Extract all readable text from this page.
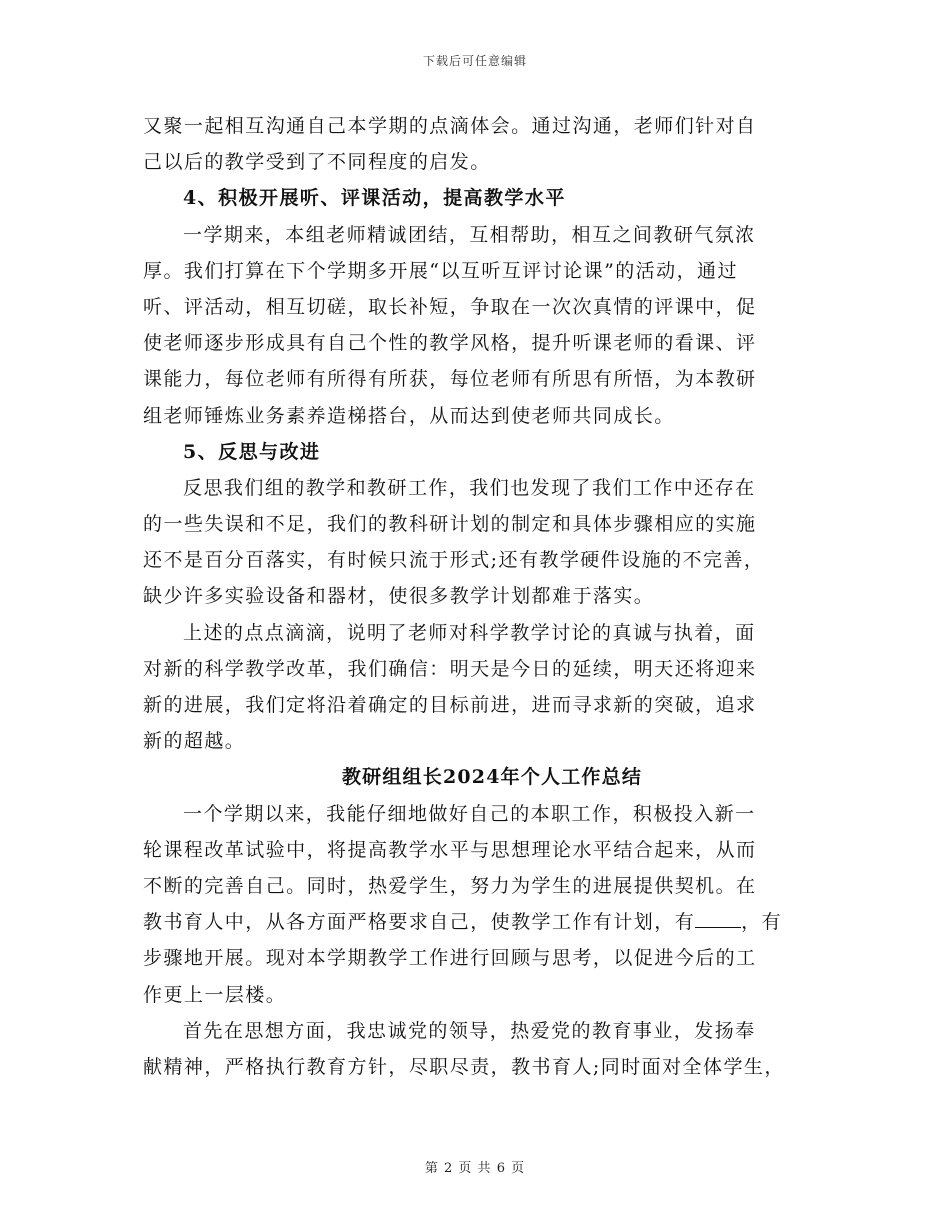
下载后可任意编辑
又聚一起相互沟通自己本学期的点滴体会。通过沟通，老师们针对自
己以后的教学受到了不同程度的启发。
4、积极开展听、评课活动，提高教学水平
一学期来，本组老师精诚团结，互相帮助，相互之间教研气氛浓
厚。我们打算在下个学期多开展“以互听互评讨论课”的活动，通过
听、评活动，相互切磋，取长补短，争取在一次次真情的评课中，促
使老师逐步形成具有自己个性的教学风格，提升听课老师的看课、评
课能力，每位老师有所得有所获，每位老师有所思有所悟，为本教研
组老师锤炼业务素养造梯搭台，从而达到使老师共同成长。
5、反思与改进
反思我们组的教学和教研工作，我们也发现了我们工作中还存在
的一些失误和不足，我们的教科研计划的制定和具体步骤相应的实施
还不是百分百落实，有时候只流于形式;还有教学硬件设施的不完善，
缺少许多实验设备和器材，使很多教学计划都难于落实。
上述的点点滴滴，说明了老师对科学教学讨论的真诚与执着，面
对新的科学教学改革，我们确信：明天是今日的延续，明天还将迎来
新的进展，我们定将沿着确定的目标前进，进而寻求新的突破，追求
新的超越。
教研组组长2024年个人工作总结
一个学期以来，我能仔细地做好自己的本职工作，积极投入新一
轮课程改革试验中，将提高教学水平与思想理论水平结合起来，从而
不断的完善自己。同时，热爱学生，努力为学生的进展提供契机。在
教书育人中，从各方面严格要求自己，使教学工作有计划，有 ，有
步骤地开展。现对本学期教学工作进行回顾与思考，以促进今后的工
作更上一层楼。
首先在思想方面，我忠诚党的领导，热爱党的教育事业，发扬奉
献精神，严格执行教育方针，尽职尽责，教书育人;同时面对全体学生，
第 2 页 共 6 页
